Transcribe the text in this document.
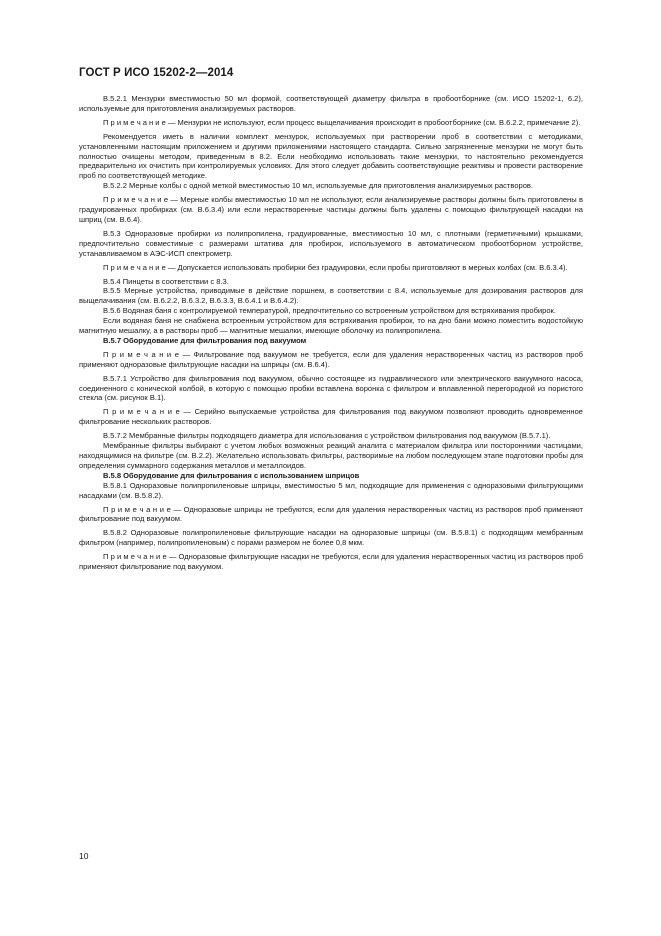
ГОСТ Р ИСО 15202-2—2014

В.5.2.1 Мензурки вместимостью 50 мл формой, соответствующей диаметру фильтра в пробоотборнике (см. ИСО 15202-1, 6.2), используемые для приготовления анализируемых растворов.

П р и м е ч а н и е — Мензурки не используют, если процесс выщелачивания происходит в пробоотборнике (см. В.6.2.2, примечание 2).

Рекомендуется иметь в наличии комплект мензурок, используемых при растворении проб в соответствии с методиками, установленными настоящим приложением и другими приложениями настоящего стандарта. Сильно загрязненные мензурки не могут быть полностью очищены методом, приведенным в 8.2. Если необходимо использовать такие мензурки, то настоятельно рекомендуется предварительно их очистить при контролируемых условиях. Для этого следует добавить соответствующие реактивы и провести растворение проб по соответствующей методике.

В.5.2.2 Мерные колбы с одной меткой вместимостью 10 мл, используемые для приготовления анализируемых растворов.

П р и м е ч а н и е — Мерные колбы вместимостью 10 мл не используют, если анализируемые растворы должны быть приготовлены в градуированных пробирках (см. В.6.3.4) или если нерастворенные частицы должны быть удалены с помощью фильтрующей насадки на шприц (см. В.6.4).

В.5.3 Одноразовые пробирки из полипропилена, градуированные, вместимостью 10 мл, с плотными (герметичными) крышками, предпочтительно совместимые с размерами штатива для пробирок, используемого в автоматическом пробоотборном устройстве, устанавливаемом в АЭС-ИСП спектрометр.

П р и м е ч а н и е — Допускается использовать пробирки без градуировки, если пробы приготовляют в мерных колбах (см. В.6.3.4).

В.5.4 Пинцеты в соответствии с 8.3.

В.5.5 Мерные устройства, приводимые в действие поршнем, в соответствии с 8.4, используемые для дозирования растворов для выщелачивания (см. В.6.2.2, В.6.3.2, В.6.3.3, В.6.4.1 и В.6.4.2).

В.5.6 Водяная баня с контролируемой температурой, предпочтительно со встроенным устройством для встряхивания пробирок.

Если водяная баня не снабжена встроенным устройством для встряхивания пробирок, то на дно бани можно поместить водостойкую магнитную мешалку, а в растворы проб — магнитные мешалки, имеющие оболочку из полипропилена.

В.5.7 Оборудование для фильтрования под вакуумом

П р и м е ч а н и е — Фильтрование под вакуумом не требуется, если для удаления нерастворенных частиц из растворов проб применяют одноразовые фильтрующие насадки на шприцы (см. В.6.4).

В.5.7.1 Устройство для фильтрования под вакуумом, обычно состоящее из гидравлического или электрического вакуумного насоса, соединенного с конической колбой, в которую с помощью пробки вставлена воронка с фильтром и вплавленной перегородкой из пористого стекла (см. рисунок В.1).

П р и м е ч а н и е — Серийно выпускаемые устройства для фильтрования под вакуумом позволяют проводить одновременное фильтрование нескольких растворов.

В.5.7.2 Мембранные фильтры подходящего диаметра для использования с устройством фильтрования под вакуумом (В.5.7.1).

Мембранные фильтры выбирают с учетом любых возможных реакций аналита с материалом фильтра или посторонними частицами, находящимися на фильтре (см. В.2.2). Желательно использовать фильтры, растворимые на любом последующем этапе подготовки пробы для определения суммарного содержания металлов и металлоидов.

В.5.8 Оборудование для фильтрования с использованием шприцов

В.5.8.1 Одноразовые полипропиленовые шприцы, вместимостью 5 мл, подходящие для применения с одноразовыми фильтрующими насадками (см. В.5.8.2).

П р и м е ч а н и е — Одноразовые шприцы не требуются, если для удаления нерастворенных частиц из растворов проб применяют фильтрование под вакуумом.

В.5.8.2 Одноразовые полипропиленовые фильтрующие насадки на одноразовые шприцы (см. В.5.8.1) с подходящим мембранным фильтром (например, полипропиленовым) с порами размером не более 0,8 мкм.

П р и м е ч а н и е — Одноразовые фильтрующие насадки не требуются, если для удаления нерастворенных частиц из растворов проб применяют фильтрование под вакуумом.

10
